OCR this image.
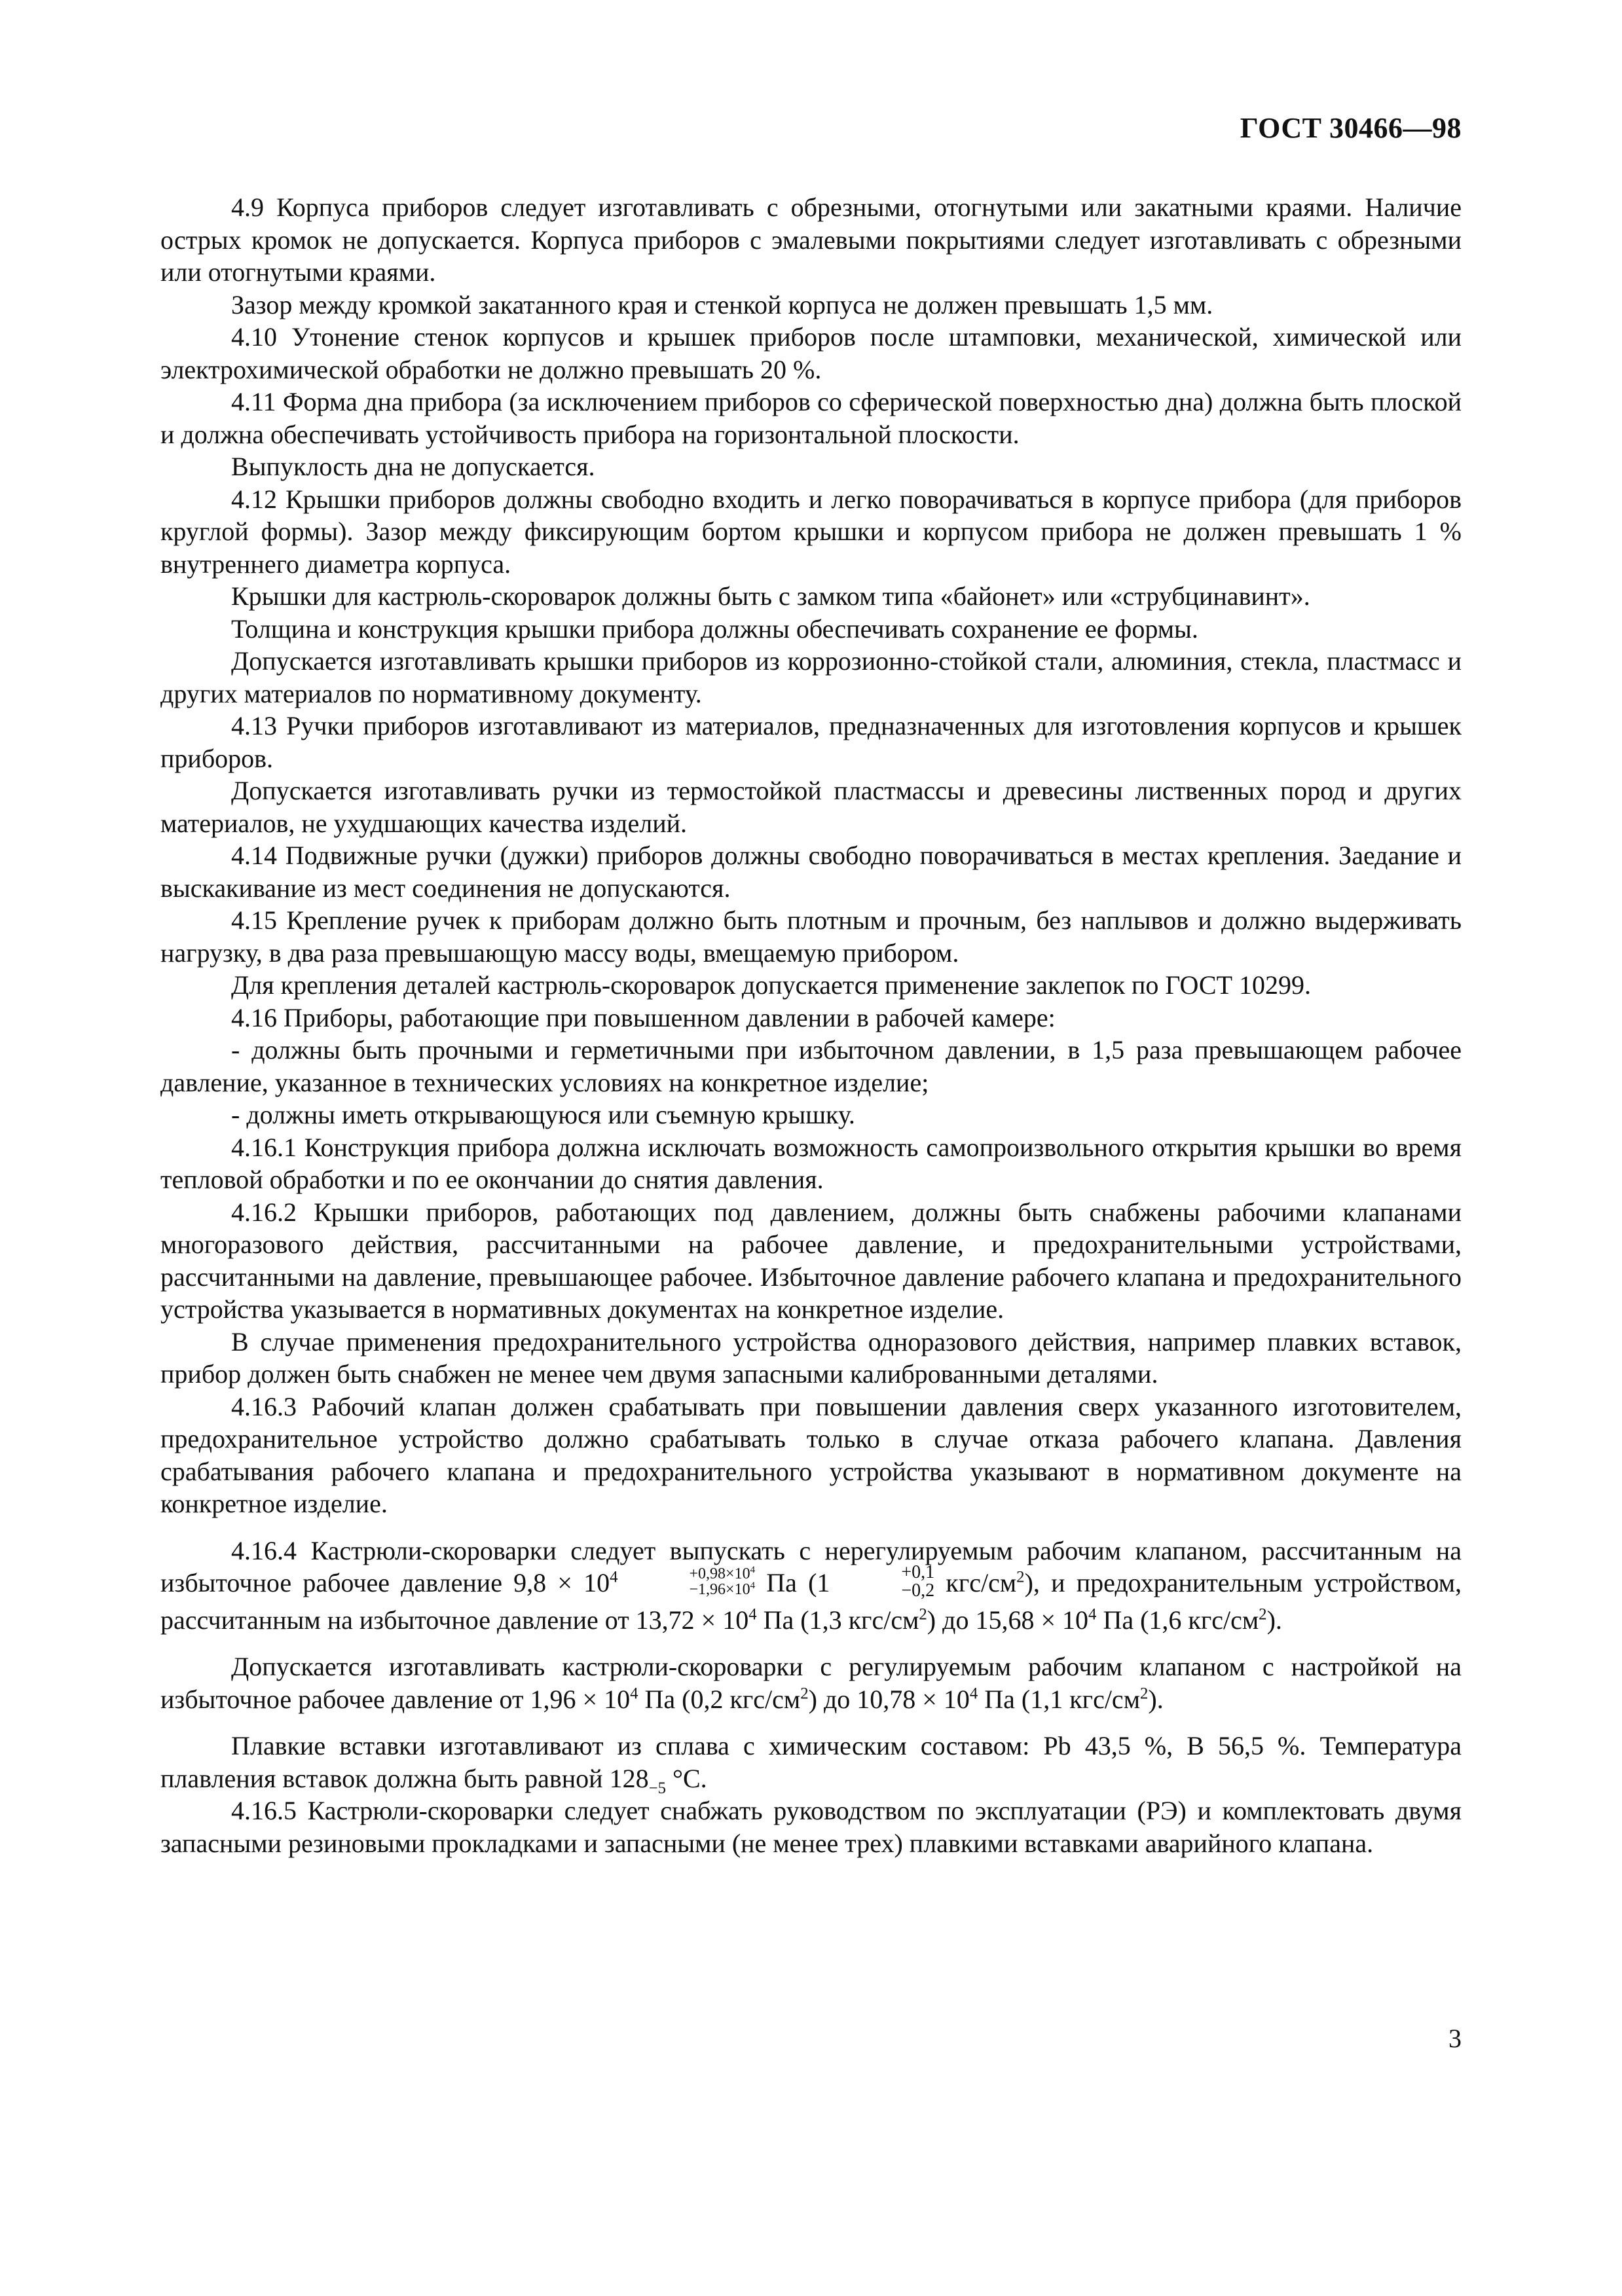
ГОСТ 30466—98

4.9 Корпуса приборов следует изготавливать с обрезными, отогнутыми или закатными краями. Наличие острых кромок не допускается. Корпуса приборов с эмалевыми покрытиями следует изготавливать с обрезными или отогнутыми краями.

Зазор между кромкой закатанного края и стенкой корпуса не должен превышать 1,5 мм.

4.10 Утонение стенок корпусов и крышек приборов после штамповки, механической, химической или электрохимической обработки не должно превышать 20 %.

4.11 Форма дна прибора (за исключением приборов со сферической поверхностью дна) должна быть плоской и должна обеспечивать устойчивость прибора на горизонтальной плоскости.

Выпуклость дна не допускается.

4.12 Крышки приборов должны свободно входить и легко поворачиваться в корпусе прибора (для приборов круглой формы). Зазор между фиксирующим бортом крышки и корпусом прибора не должен превышать 1 % внутреннего диаметра корпуса.

Крышки для кастрюль-скороварок должны быть с замком типа «байонет» или «струбцинавинт».

Толщина и конструкция крышки прибора должны обеспечивать сохранение ее формы.

Допускается изготавливать крышки приборов из коррозионно-стойкой стали, алюминия, стекла, пластмасс и других материалов по нормативному документу.

4.13 Ручки приборов изготавливают из материалов, предназначенных для изготовления корпусов и крышек приборов.

Допускается изготавливать ручки из термостойкой пластмассы и древесины лиственных пород и других материалов, не ухудшающих качества изделий.

4.14 Подвижные ручки (дужки) приборов должны свободно поворачиваться в местах крепления. Заедание и выскакивание из мест соединения не допускаются.

4.15 Крепление ручек к приборам должно быть плотным и прочным, без наплывов и должно выдерживать нагрузку, в два раза превышающую массу воды, вмещаемую прибором.

Для крепления деталей кастрюль-скороварок допускается применение заклепок по ГОСТ 10299.

4.16 Приборы, работающие при повышенном давлении в рабочей камере:

- должны быть прочными и герметичными при избыточном давлении, в 1,5 раза превышающем рабочее давление, указанное в технических условиях на конкретное изделие;

- должны иметь открывающуюся или съемную крышку.

4.16.1 Конструкция прибора должна исключать возможность самопроизвольного открытия крышки во время тепловой обработки и по ее окончании до снятия давления.

4.16.2 Крышки приборов, работающих под давлением, должны быть снабжены рабочими клапанами многоразового действия, рассчитанными на рабочее давление, и предохранительными устройствами, рассчитанными на давление, превышающее рабочее. Избыточное давление рабочего клапана и предохранительного устройства указывается в нормативных документах на конкретное изделие.

В случае применения предохранительного устройства одноразового действия, например плавких вставок, прибор должен быть снабжен не менее чем двумя запасными калиброванными деталями.

4.16.3 Рабочий клапан должен срабатывать при повышении давления сверх указанного изготовителем, предохранительное устройство должно срабатывать только в случае отказа рабочего клапана. Давления срабатывания рабочего клапана и предохранительного устройства указывают в нормативном документе на конкретное изделие.

4.16.4 Кастрюли-скороварки следует выпускать с нерегулируемым рабочим клапаном, рассчитанным на избыточное рабочее давление $9,8 \times 10^4$	$+0,98\times 10^4$
$-1,96\times 10^4$ Па (1	+0,1
−0,2 кгс/$см^2$), и предохранительным устройством, рассчитанным на избыточное давление от $13,72 \times 10^4$ Па (1,3 кгс/$см^2$) до $15,68 \times 10^4$ Па (1,6 кгс/$см^2$).

Допускается изготавливать кастрюли-скороварки с регулируемым рабочим клапаном с настройкой на избыточное рабочее давление от $1,96 \times 10^4$ Па (0,2 кгс/$см^2$) до $10,78 \times 10^4$ Па (1,1 кгс/$см^2$).

Плавкие вставки изготавливают из сплава с химическим составом: Pb 43,5 %, В 56,5 %. Температура плавления вставок должна быть равной $128_{-5}$ °С.

4.16.5 Кастрюли-скороварки следует снабжать руководством по эксплуатации (РЭ) и комплектовать двумя запасными резиновыми прокладками и запасными (не менее трех) плавкими вставками аварийного клапана.

3
